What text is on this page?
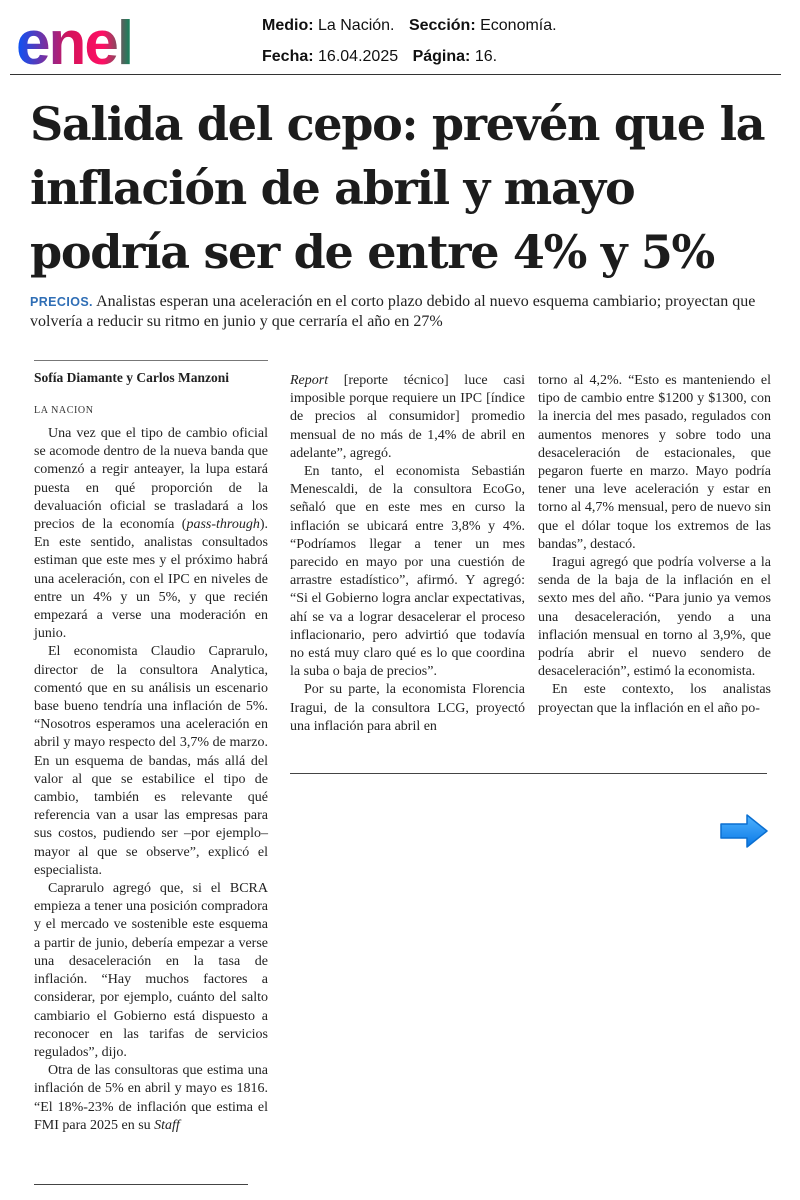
enel	Medio: La Nación. Sección: Economía.
Fecha: 16.04.2025 Página: 16.
Salida del cepo: prevén que la inflación de abril y mayo podría ser de entre 4% y 5%
PRECIOS. Analistas esperan una aceleración en el corto plazo debido al nuevo esquema cambiario; proyectan que volvería a reducir su ritmo en junio y que cerraría el año en 27%
Sofía Diamante y Carlos Manzoni
LA NACION

Una vez que el tipo de cambio oficial se acomode dentro de la nueva banda que comenzó a regir anteayer, la lupa estará puesta en qué proporción de la devaluación oficial se trasladará a los precios de la economía (pass-through). En este sentido, analistas consultados estiman que este mes y el próximo habrá una aceleración, con el IPC en niveles de entre un 4% y un 5%, y que recién empezará a verse una moderación en junio.

El economista Claudio Caprarulo, director de la consultora Analytica, comentó que en su análisis un escenario base bueno tendría una inflación de 5%. “Nosotros esperamos una aceleración en abril y mayo respecto del 3,7% de marzo. En un esquema de bandas, más allá del valor al que se estabilice el tipo de cambio, también es relevante qué referencia van a usar las empresas para sus costos, pudiendo ser –por ejemplo– mayor al que se observe”, explicó el especialista.

Caprarulo agregó que, si el BCRA empieza a tener una posición compradora y el mercado ve sostenible este esquema a partir de junio, debería empezar a verse una desaceleración en la tasa de inflación. “Hay muchos factores a considerar, por ejemplo, cuánto del salto cambiario el Gobierno está dispuesto a reconocer en las tarifas de servicios regulados”, dijo.

Otra de las consultoras que estima una inflación de 5% en abril y mayo es 1816. “El 18%-23% de inflación que estima el FMI para 2025 en su Staff

Report [reporte técnico] luce casi imposible porque requiere un IPC [índice de precios al consumidor] promedio mensual de no más de 1,4% de abril en adelante”, agregó.

En tanto, el economista Sebastián Menescaldi, de la consultora EcoGo, señaló que en este mes en curso la inflación se ubicará entre 3,8% y 4%. “Podríamos llegar a tener un mes parecido en mayo por una cuestión de arrastre estadístico”, afirmó. Y agregó: “Si el Gobierno logra anclar expectativas, ahí se va a lograr desacelerar el proceso inflacionario, pero advirtió que todavía no está muy claro qué es lo que coordina la suba o baja de precios”.

Por su parte, la economista Florencia Iragui, de la consultora LCG, proyectó una inflación para abril en

torno al 4,2%. “Esto es manteniendo el tipo de cambio entre $1200 y $1300, con la inercia del mes pasado, regulados con aumentos menores y sobre todo una desaceleración de estacionales, que pegaron fuerte en marzo. Mayo podría tener una leve aceleración y estar en torno al 4,7% mensual, pero de nuevo sin que el dólar toque los extremos de las bandas”, destacó.

Iragui agregó que podría volverse a la senda de la baja de la inflación en el sexto mes del año. “Para junio ya vemos una desaceleración, yendo a una inflación mensual en torno al 3,9%, que podría abrir el nuevo sendero de desaceleración”, estimó la economista.

En este contexto, los analistas proyectan que la inflación en el año po-
